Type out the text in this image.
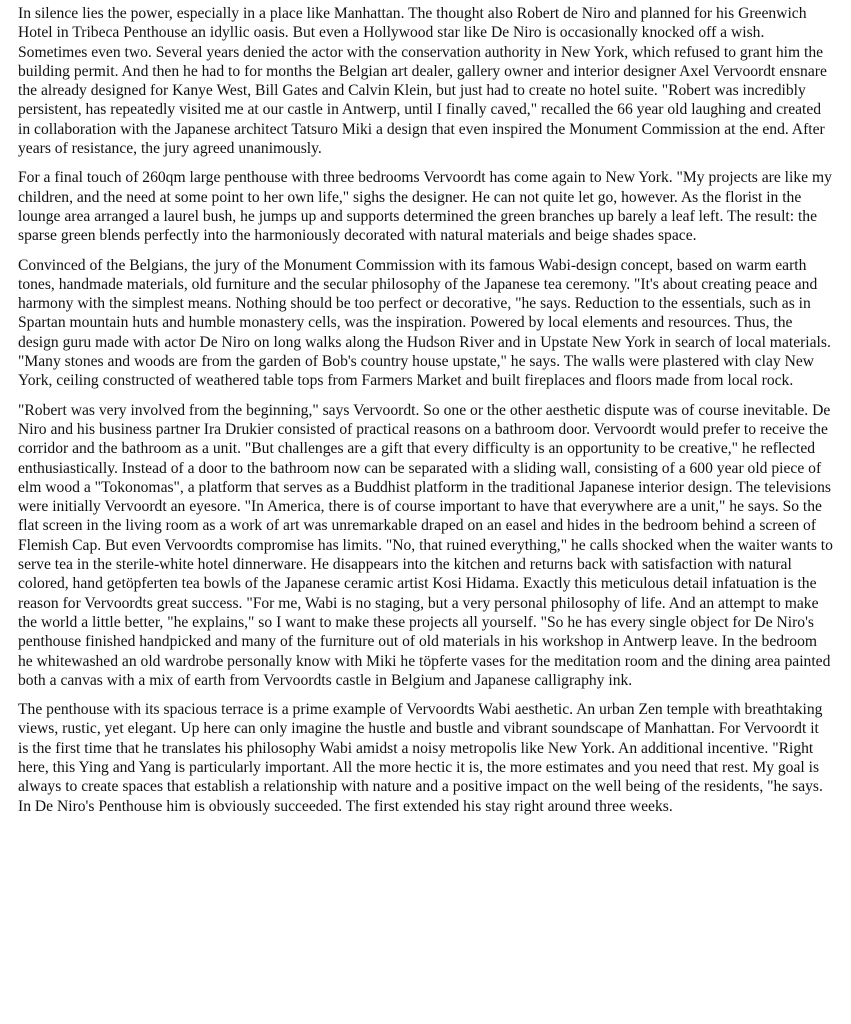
In silence lies the power, especially in a place like Manhattan. The thought also Robert de Niro and planned for his Greenwich Hotel in Tribeca Penthouse an idyllic oasis. But even a Hollywood star like De Niro is occasionally knocked off a wish. Sometimes even two. Several years denied the actor with the conservation authority in New York, which refused to grant him the building permit. And then he had to for months the Belgian art dealer, gallery owner and interior designer Axel Vervoordt ensnare the already designed for Kanye West, Bill Gates and Calvin Klein, but just had to create no hotel suite. "Robert was incredibly persistent, has repeatedly visited me at our castle in Antwerp, until I finally caved," recalled the 66 year old laughing and created in collaboration with the Japanese architect Tatsuro Miki a design that even inspired the Monument Commission at the end. After years of resistance, the jury agreed unanimously.

For a final touch of 260qm large penthouse with three bedrooms Vervoordt has come again to New York. "My projects are like my children, and the need at some point to her own life," sighs the designer. He can not quite let go, however. As the florist in the lounge area arranged a laurel bush, he jumps up and supports determined the green branches up barely a leaf left. The result: the sparse green blends perfectly into the harmoniously decorated with natural materials and beige shades space.

Convinced of the Belgians, the jury of the Monument Commission with its famous Wabi-design concept, based on warm earth tones, handmade materials, old furniture and the secular philosophy of the Japanese tea ceremony. "It's about creating peace and harmony with the simplest means. Nothing should be too perfect or decorative, "he says. Reduction to the essentials, such as in Spartan mountain huts and humble monastery cells, was the inspiration. Powered by local elements and resources. Thus, the design guru made with actor De Niro on long walks along the Hudson River and in Upstate New York in search of local materials. "Many stones and woods are from the garden of Bob's country house upstate," he says. The walls were plastered with clay New York, ceiling constructed of weathered table tops from Farmers Market and built fireplaces and floors made from local rock.

"Robert was very involved from the beginning," says Vervoordt. So one or the other aesthetic dispute was of course inevitable. De Niro and his business partner Ira Drukier consisted of practical reasons on a bathroom door. Vervoordt would prefer to receive the corridor and the bathroom as a unit. "But challenges are a gift that every difficulty is an opportunity to be creative," he reflected enthusiastically. Instead of a door to the bathroom now can be separated with a sliding wall, consisting of a 600 year old piece of elm wood a "Tokonomas", a platform that serves as a Buddhist platform in the traditional Japanese interior design. The televisions were initially Vervoordt an eyesore. "In America, there is of course important to have that everywhere are a unit," he says. So the flat screen in the living room as a work of art was unremarkable draped on an easel and hides in the bedroom behind a screen of Flemish Cap. But even Vervoordts compromise has limits. "No, that ruined everything," he calls shocked when the waiter wants to serve tea in the sterile-white hotel dinnerware. He disappears into the kitchen and returns back with satisfaction with natural colored, hand getöpferten tea bowls of the Japanese ceramic artist Kosi Hidama. Exactly this meticulous detail infatuation is the reason for Vervoordts great success. "For me, Wabi is no staging, but a very personal philosophy of life. And an attempt to make the world a little better, "he explains," so I want to make these projects all yourself. "So he has every single object for De Niro's penthouse finished handpicked and many of the furniture out of old materials in his workshop in Antwerp leave. In the bedroom he whitewashed an old wardrobe personally know with Miki he töpferte vases for the meditation room and the dining area painted both a canvas with a mix of earth from Vervoordts castle in Belgium and Japanese calligraphy ink.

The penthouse with its spacious terrace is a prime example of Vervoordts Wabi aesthetic. An urban Zen temple with breathtaking views, rustic, yet elegant. Up here can only imagine the hustle and bustle and vibrant soundscape of Manhattan. For Vervoordt it is the first time that he translates his philosophy Wabi amidst a noisy metropolis like New York. An additional incentive. "Right here, this Ying and Yang is particularly important. All the more hectic it is, the more estimates and you need that rest. My goal is always to create spaces that establish a relationship with nature and a positive impact on the well being of the residents, "he says. In De Niro's Penthouse him is obviously succeeded. The first extended his stay right around three weeks.
